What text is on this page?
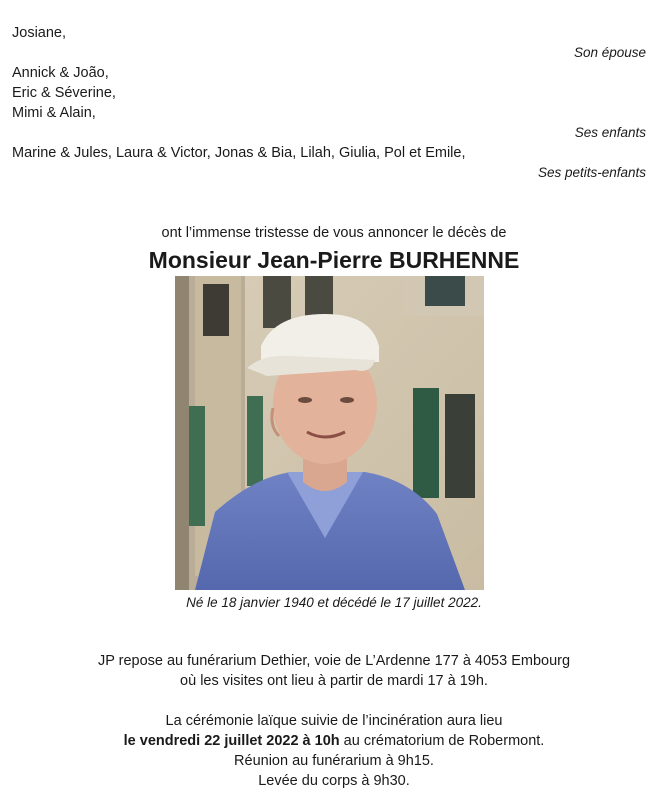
Josiane,
Son épouse
Annick & João,
Eric & Séverine,
Mimi & Alain,
Ses enfants
Marine & Jules, Laura & Victor, Jonas & Bia, Lilah, Giulia, Pol et Emile,
Ses petits-enfants
ont l’immense tristesse de vous annoncer le décès de
Monsieur Jean-Pierre BURHENNE
Né le 18 janvier 1940 et décédé le 17 juillet 2022.
JP repose au funérarium Dethier, voie de L’Ardenne 177 à 4053 Embourg
où les visites ont lieu à partir de mardi 17 à 19h.
La cérémonie laïque suivie de l’incinération aura lieu
le vendredi 22 juillet 2022 à 10h au crématorium de Robermont.
Réunion au funérarium à 9h15.
Levée du corps à 9h30.
